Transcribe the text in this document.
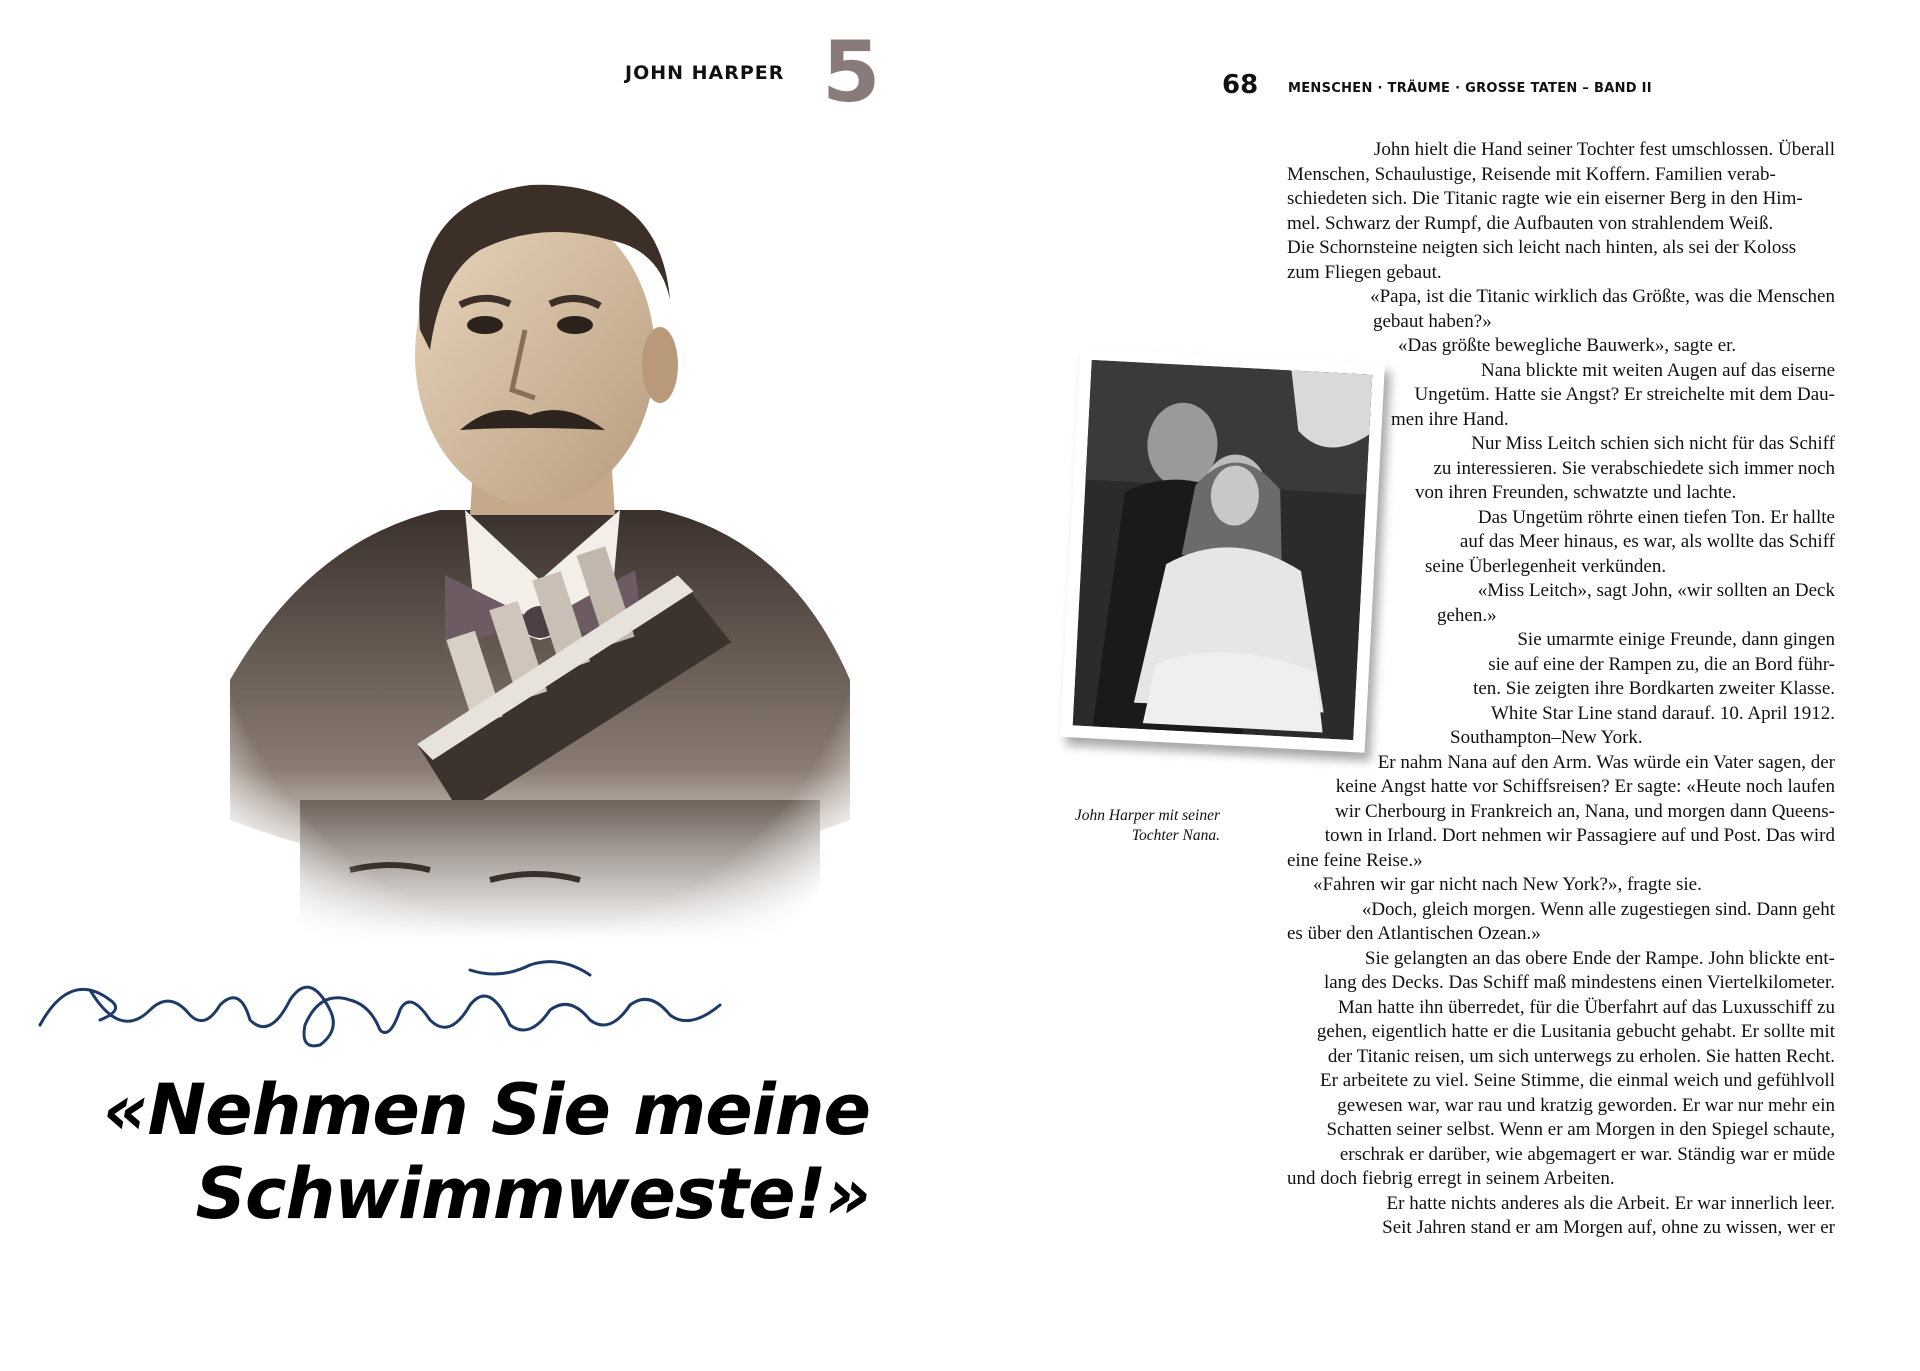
JOHN HARPER 5
«Nehmen Sie meine
Schwimmweste!»
68 MENSCHEN · TRÄUME · GROSSE TATEN – BAND II
John Harper mit seiner
Tochter Nana.
John hielt die Hand seiner Tochter fest umschlossen. Überall
Menschen, Schaulustige, Reisende mit Koffern. Familien verab-
schiedeten sich. Die Titanic ragte wie ein eiserner Berg in den Him-
mel. Schwarz der Rumpf, die Aufbauten von strahlendem Weiß.
Die Schornsteine neigten sich leicht nach hinten, als sei der Koloss
zum Fliegen gebaut.
«Papa, ist die Titanic wirklich das Größte, was die Menschen
gebaut haben?»
«Das größte bewegliche Bauwerk», sagte er.
Nana blickte mit weiten Augen auf das eiserne
Ungetüm. Hatte sie Angst? Er streichelte mit dem Dau-
men ihre Hand.
Nur Miss Leitch schien sich nicht für das Schiff
zu interessieren. Sie verabschiedete sich immer noch
von ihren Freunden, schwatzte und lachte.
Das Ungetüm röhrte einen tiefen Ton. Er hallte
auf das Meer hinaus, es war, als wollte das Schiff
seine Überlegenheit verkünden.
«Miss Leitch», sagt John, «wir sollten an Deck
gehen.»
Sie umarmte einige Freunde, dann gingen
sie auf eine der Rampen zu, die an Bord führ-
ten. Sie zeigten ihre Bordkarten zweiter Klasse.
White Star Line stand darauf. 10. April 1912.
Southampton–New York.
Er nahm Nana auf den Arm. Was würde ein Vater sagen, der
keine Angst hatte vor Schiffsreisen? Er sagte: «Heute noch laufen
wir Cherbourg in Frankreich an, Nana, und morgen dann Queens-
town in Irland. Dort nehmen wir Passagiere auf und Post. Das wird
eine feine Reise.»
«Fahren wir gar nicht nach New York?», fragte sie.
«Doch, gleich morgen. Wenn alle zugestiegen sind. Dann geht
es über den Atlantischen Ozean.»
Sie gelangten an das obere Ende der Rampe. John blickte ent-
lang des Decks. Das Schiff maß mindestens einen Viertelkilometer.
Man hatte ihn überredet, für die Überfahrt auf das Luxusschiff zu
gehen, eigentlich hatte er die Lusitania gebucht gehabt. Er sollte mit
der Titanic reisen, um sich unterwegs zu erholen. Sie hatten Recht.
Er arbeitete zu viel. Seine Stimme, die einmal weich und gefühlvoll
gewesen war, war rau und kratzig geworden. Er war nur mehr ein
Schatten seiner selbst. Wenn er am Morgen in den Spiegel schaute,
erschrak er darüber, wie abgemagert er war. Ständig war er müde
und doch fiebrig erregt in seinem Arbeiten.
Er hatte nichts anderes als die Arbeit. Er war innerlich leer.
Seit Jahren stand er am Morgen auf, ohne zu wissen, wer er
